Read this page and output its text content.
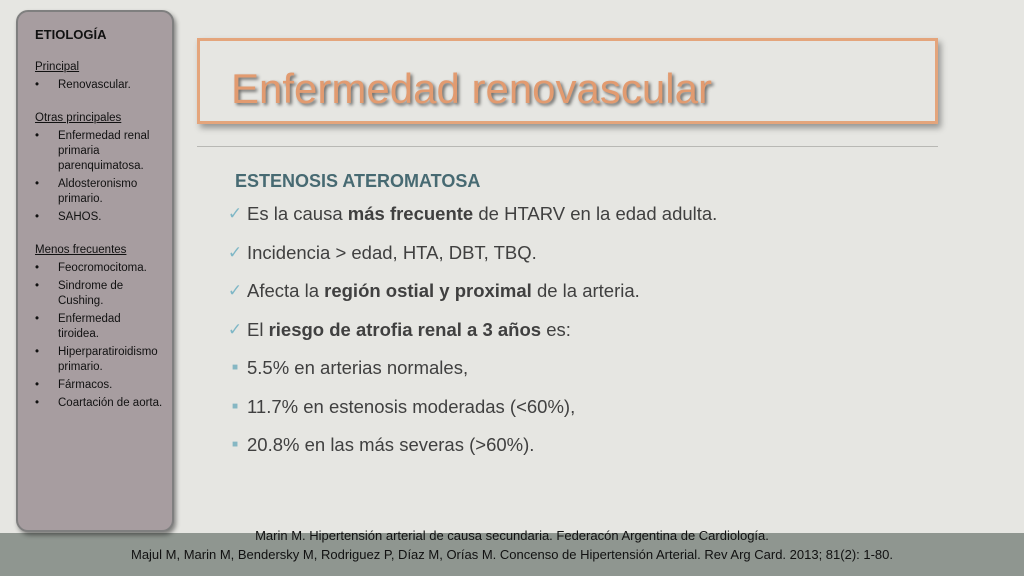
ETIOLOGÍA
Principal
• Renovascular.
Otras principales
• Enfermedad renal primaria parenquimatosa.
• Aldosteronismo primario.
• SAHOS.
Menos frecuentes
• Feocromocitoma.
• Sindrome de Cushing.
• Enfermedad tiroidea.
• Hiperparatiroidismo primario.
• Fármacos.
• Coartación de aorta.
Enfermedad renovascular
ESTENOSIS ATEROMATOSA
✓ Es la causa más frecuente de HTARV en la edad adulta.
✓ Incidencia > edad, HTA, DBT, TBQ.
✓ Afecta la región ostial y proximal de la arteria.
✓ El riesgo de atrofia renal a 3 años es:
■ 5.5% en arterias normales,
■ 11.7% en estenosis moderadas (<60%),
■ 20.8% en las más severas (>60%).
Marin M. Hipertensión arterial de causa secundaria. Federacón Argentina de Cardiología.
Majul M, Marin M, Bendersky M, Rodriguez P, Díaz M, Orías M. Concenso de Hipertensión Arterial. Rev Arg Card. 2013; 81(2): 1-80.
